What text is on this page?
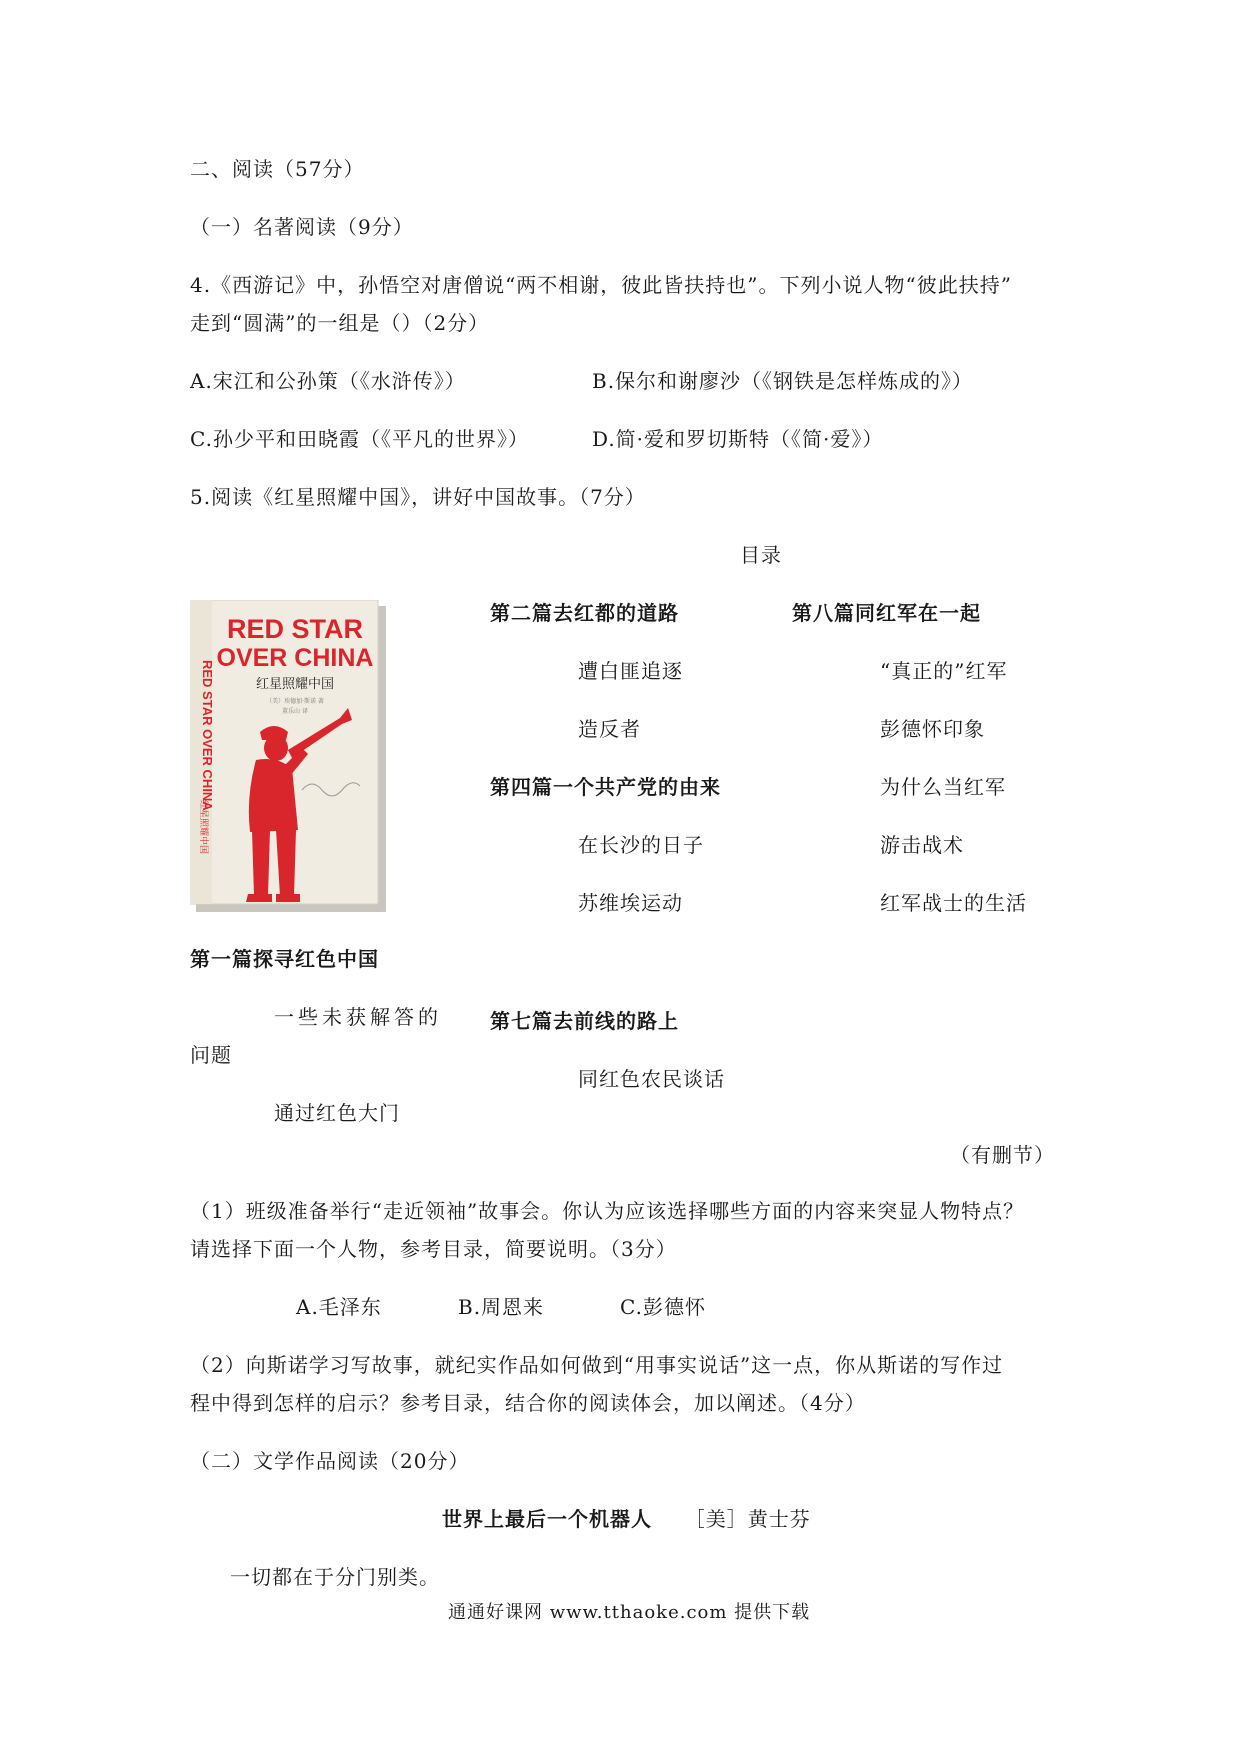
二、阅读（57分）
（一）名著阅读（9分）
4.《西游记》中，孙悟空对唐僧说“两不相谢，彼此皆扶持也”。下列小说人物“彼此扶持”
走到“圆满”的一组是（）（2分）
A.宋江和公孙策（《水浒传》）	B.保尔和谢廖沙（《钢铁是怎样炼成的》）
C.孙少平和田晓霞（《平凡的世界》）	D.简·爱和罗切斯特（《简·爱》）
5.阅读《红星照耀中国》，讲好中国故事。（7分）
目录
RED STAR OVER CHINA
红星照耀中国
RED STAR
OVER CHINA
红星照耀中国
（美）埃德加·斯诺 著
董乐山 译
第二篇去红都的道路
遭白匪追逐
造反者
第四篇一个共产党的由来
在长沙的日子
苏维埃运动
第八篇同红军在一起
“真正的”红军
彭德怀印象
为什么当红军
游击战术
红军战士的生活
第一篇探寻红色中国
一些未获解答的
问题
通过红色大门
第七篇去前线的路上
同红色农民谈话
（有删节）
（1）班级准备举行“走近领袖”故事会。你认为应该选择哪些方面的内容来突显人物特点？
请选择下面一个人物，参考目录，简要说明。（3分）
A.毛泽东	B.周恩来	C.彭德怀
（2）向斯诺学习写故事，就纪实作品如何做到“用事实说话”这一点，你从斯诺的写作过
程中得到怎样的启示？参考目录，结合你的阅读体会，加以阐述。（4分）
（二）文学作品阅读（20分）
世界上最后一个机器人 ［美］黄士芬
一切都在于分门别类。
通通好课网 www.tthaoke.com 提供下载
